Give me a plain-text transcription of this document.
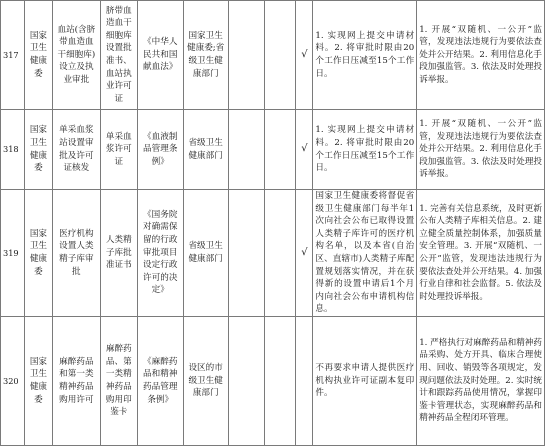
317	国家卫生健康委	血站(含脐带血造血干细胞库)设立及执业审批	脐带血造血干细胞库设置批准书、血站执业许可证	《中华人民共和国献血法》	国家卫生健康委;省级卫生健康部门			√	1. 实现网上提交申请材料。2. 将审批时限由20个工作日压减至15个工作日。	1. 开展“双随机、一公开”监管，发现违法违规行为要依法查处并公开结果。2. 利用信息化手段加强监管。3. 依法及时处理投诉举报。
318	国家卫生健康委	单采血浆站设置审批及许可证核发	单采血浆许可证	《血液制品管理条例》	省级卫生健康部门			√	1. 实现网上提交申请材料。2. 将审批时限由20个工作日压减至15个工作日。	1. 开展“双随机、一公开”监管，发现违法违规行为要依法查处并公开结果。2. 利用信息化手段加强监管。3. 依法及时处理投诉举报。
319	国家卫生健康委	医疗机构设置人类精子库审批	人类精子库批准证书	《国务院对确需保留的行政审批项目设定行政许可的决定》	省级卫生健康部门			√	国家卫生健康委将督促省级卫生健康部门每半年1次向社会公布已取得设置人类精子库许可的医疗机构名单，以及本省(自治区、直辖市)人类精子库配置规划落实情况，并在获得新的设置申请后1个月内向社会公布申请机构信息。	1. 完善有关信息系统，及时更新公布人类精子库相关信息。2. 建立健全质量控制体系，加强质量安全管理。3. 开展“双随机、一公开”监管，发现违法违规行为要依法查处并公开结果。4. 加强行业自律和社会监督。5. 依法及时处理投诉举报。
320	国家卫生健康委	麻醉药品和第一类精神药品购用许可	麻醉药品、第一类精神药品购用印鉴卡	《麻醉药品和精神药品管理条例》	设区的市级卫生健康部门				不再要求申请人提供医疗机构执业许可证副本复印件。	1. 严格执行对麻醉药品和精神药品采购、处方开具、临床合理使用、回收、销毁等各项规定，发现问题依法及时处理。2. 实时统计和跟踪药品使用情况，掌握印鉴卡管理状态，实现麻醉药品和精神药品全程闭环管理。
